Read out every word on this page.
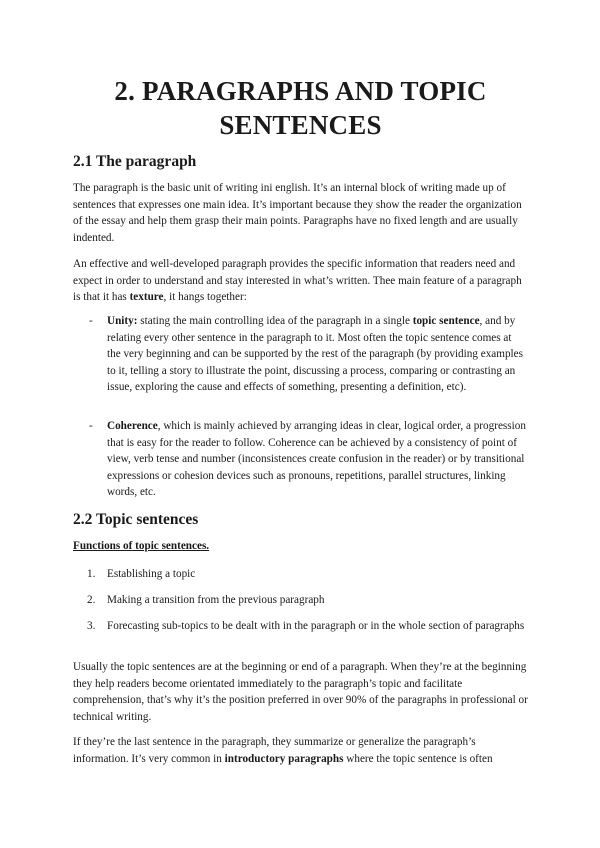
2. PARAGRAPHS AND TOPIC SENTENCES
2.1 The paragraph

The paragraph is the basic unit of writing ini english. It’s an internal block of writing made up of sentences that expresses one main idea. It’s important because they show the reader the organization of the essay and help them grasp their main points. Paragraphs have no fixed length and are usually indented.

An effective and well-developed paragraph provides the specific information that readers need and expect in order to understand and stay interested in what’s written. Thee main feature of a paragraph is that it has texture, it hangs together:

- Unity: stating the main controlling idea of the paragraph in a single topic sentence, and by relating every other sentence in the paragraph to it. Most often the topic sentence comes at the very beginning and can be supported by the rest of the paragraph (by providing examples to it, telling a story to illustrate the point, discussing a process, comparing or contrasting an issue, exploring the cause and effects of something, presenting a definition, etc).
- Coherence, which is mainly achieved by arranging ideas in clear, logical order, a progression that is easy for the reader to follow. Coherence can be achieved by a consistency of point of view, verb tense and number (inconsistences create confusion in the reader) or by transitional expressions or cohesion devices such as pronouns, repetitions, parallel structures, linking words, etc.
2.2 Topic sentences
Functions of topic sentences.
1. Establishing a topic
2. Making a transition from the previous paragraph
3. Forecasting sub-topics to be dealt with in the paragraph or in the whole section of paragraphs

Usually the topic sentences are at the beginning or end of a paragraph. When they’re at the beginning they help readers become orientated immediately to the paragraph’s topic and facilitate comprehension, that’s why it’s the position preferred in over 90% of the paragraphs in professional or technical writing.

If they’re the last sentence in the paragraph, they summarize or generalize the paragraph’s information. It’s very common in introductory paragraphs where the topic sentence is often
